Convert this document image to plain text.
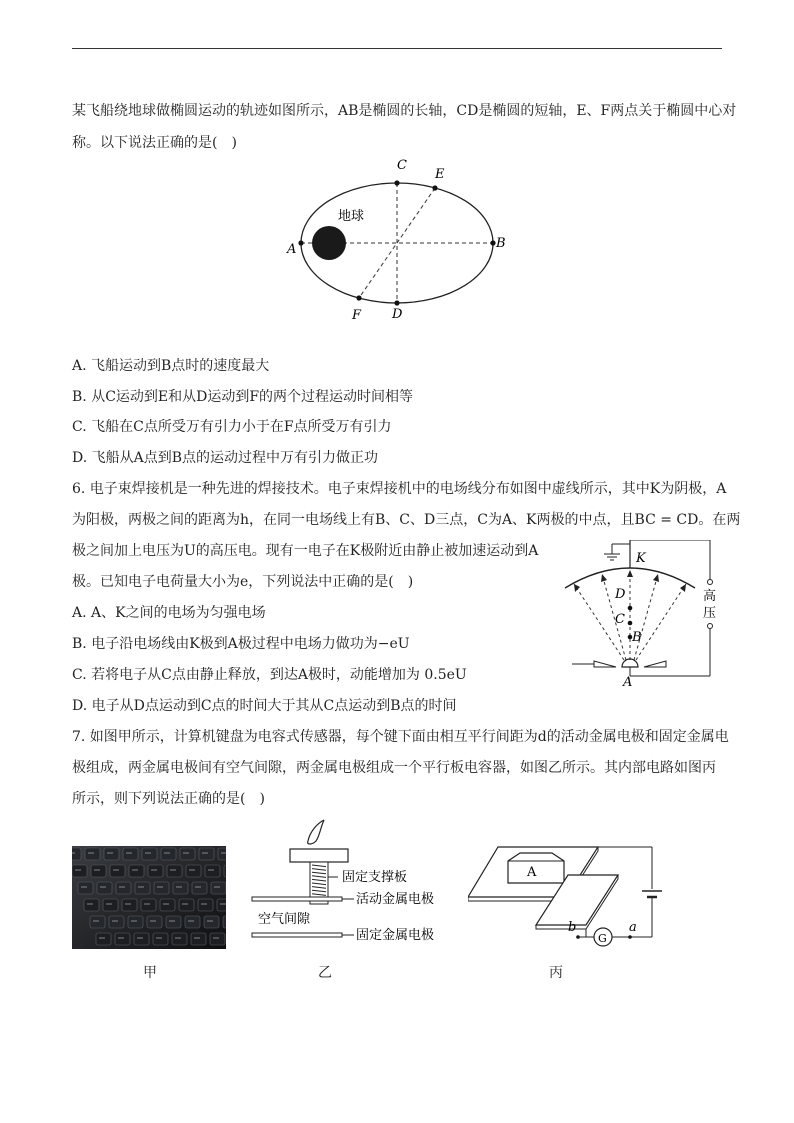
某飞船绕地球做椭圆运动的轨迹如图所示，AB是椭圆的长轴，CD是椭圆的短轴，E、F两点关于椭圆中心对
称。以下说法正确的是(　)
地球
A	B
C
D
E
F
A. 飞船运动到B点时的速度最大
B. 从C运动到E和从D运动到F的两个过程运动时间相等
C. 飞船在C点所受万有引力小于在F点所受万有引力
D. 飞船从A点到B点的运动过程中万有引力做正功
6. 电子束焊接机是一种先进的焊接技术。电子束焊接机中的电场线分布如图中虚线所示，其中K为阴极，A
为阳极，两极之间的距离为h，在同一电场线上有B、C、D三点，C为A、K两极的中点，且BC = CD。在两
极之间加上电压为U的高压电。现有一电子在K极附近由静止被加速运动到A
极。已知电子电荷量大小为e，下列说法中正确的是(　)
K
D
C
B
A
高
压
A. A、K之间的电场为匀强电场
B. 电子沿电场线由K极到A极过程中电场力做功为−eU
C. 若将电子从C点由静止释放，到达A极时，动能增加为 0.5eU
D. 电子从D点运动到C点的时间大于其从C点运动到B点的时间
7. 如图甲所示，计算机键盘为电容式传感器，每个键下面由相互平行间距为d的活动金属电极和固定金属电
极组成，两金属电极间有空气间隙，两金属电极组成一个平行板电容器，如图乙所示。其内部电路如图丙
所示，则下列说法正确的是(　)
固定支撑板
活动金属电极
空气间隙
固定金属电极
A
b	a
G
甲	乙	丙
